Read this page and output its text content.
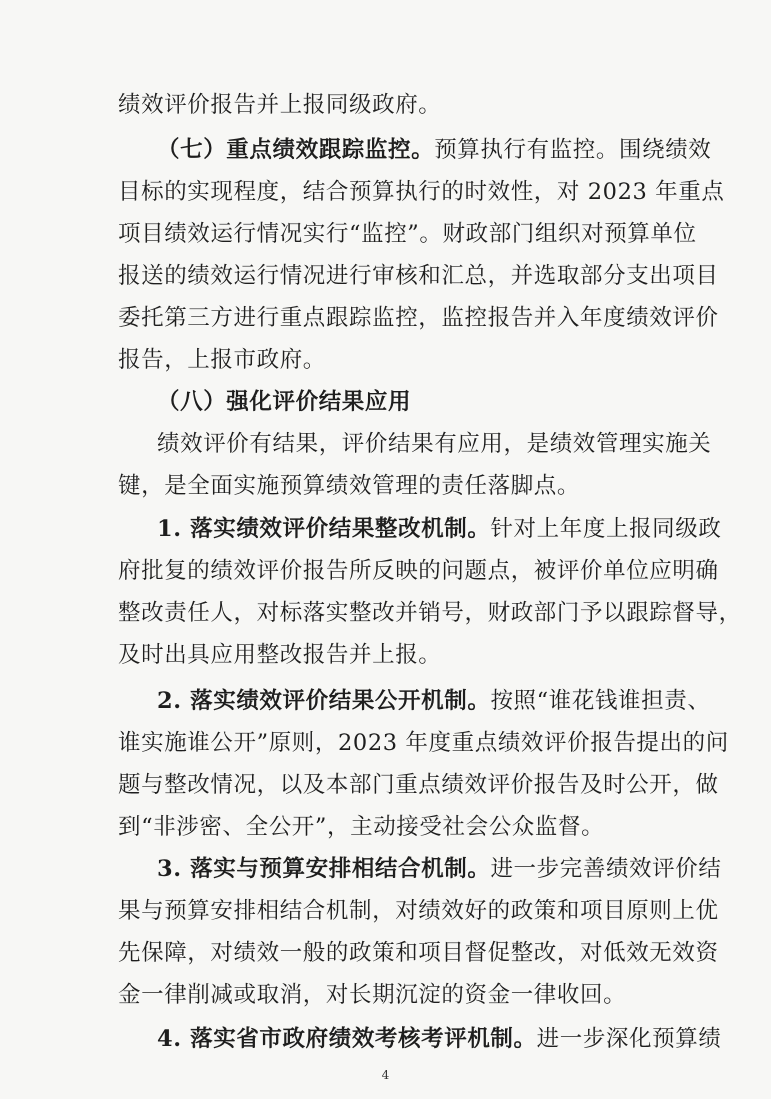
绩效评价报告并上报同级政府。
（七）重点绩效跟踪监控。预算执行有监控。围绕绩效
目标的实现程度，结合预算执行的时效性，对 2023 年重点
项目绩效运行情况实行“监控”。财政部门组织对预算单位
报送的绩效运行情况进行审核和汇总，并选取部分支出项目
委托第三方进行重点跟踪监控，监控报告并入年度绩效评价
报告，上报市政府。
（八）强化评价结果应用
绩效评价有结果，评价结果有应用，是绩效管理实施关
键，是全面实施预算绩效管理的责任落脚点。
1. 落实绩效评价结果整改机制。针对上年度上报同级政
府批复的绩效评价报告所反映的问题点，被评价单位应明确
整改责任人，对标落实整改并销号，财政部门予以跟踪督导，
及时出具应用整改报告并上报。
2. 落实绩效评价结果公开机制。按照“谁花钱谁担责、
谁实施谁公开”原则，2023 年度重点绩效评价报告提出的问
题与整改情况，以及本部门重点绩效评价报告及时公开，做
到“非涉密、全公开”，主动接受社会公众监督。
3. 落实与预算安排相结合机制。进一步完善绩效评价结
果与预算安排相结合机制，对绩效好的政策和项目原则上优
先保障，对绩效一般的政策和项目督促整改，对低效无效资
金一律削减或取消，对长期沉淀的资金一律收回。
4. 落实省市政府绩效考核考评机制。进一步深化预算绩
4
